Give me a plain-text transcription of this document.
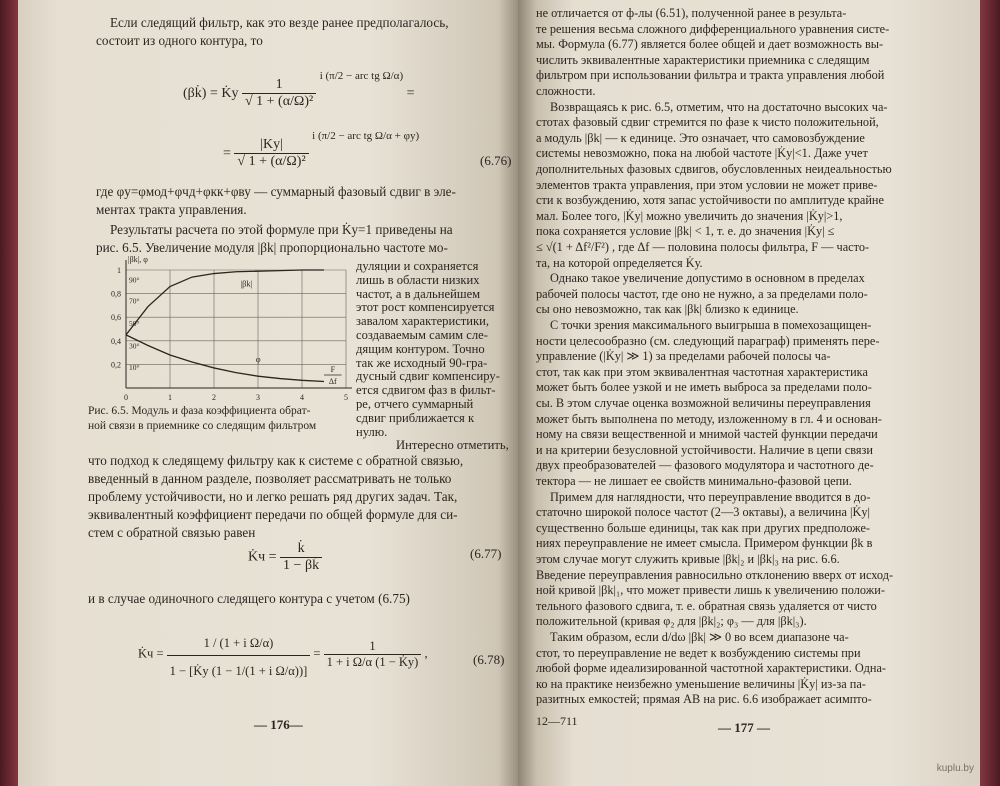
Если следящий фильтр, как это везде ранее предполагалось,
состоит из одного контура, то
(βk̇) = K̇у $\frac{1}{\text{√ 1 + (α/Ω)²}}$
$^{i (\pi/2 - arc tg \Omega/\alpha)}$ =
= $\frac{|Kу|}{\text{√ 1 + (α/Ω)²}}$
$^{i (\pi/2 - arc tg \Omega/\alpha + \varphi у)}$
(6.76)
где φу=φмод+φчд+φкк+φву — суммарный фазовый сдвиг в эле-
ментах тракта управления.
Результаты расчета по этой формуле при K̇у=1 приведены на
рис. 6.5. Увеличение модуля |βk| пропорционально частоте мо-
0,2
0,4
0,6
0,8
1
0	1	2	3	4	5
|βk|, φ
90°
70°
50°
30°
10°
|βk|
φ
F
Δf
Рис. 6.5. Модуль и фаза коэффициента обрат-
ной связи в приемнике со следящим фильтром
дуляции и сохраняется
лишь в области низких
частот, а в дальнейшем
этот рост компенсируется
завалом характеристики,
создаваемым самим сле-
дящим контуром. Точно
так же исходный 90-гра-
дусный сдвиг компенсиру-
ется сдвигом фаз в фильт-
ре, отчего суммарный
сдвиг приближается к
нулю.
Интересно отметить,
что подход к следящему фильтру как к системе с обратной связью,
введенный в данном разделе, позволяет рассматривать не только
проблему устойчивости, но и легко решать ряд других задач. Так,
эквивалентный коэффициент передачи по общей формуле для си-
стем с обратной связью равен
K̇ч = $\frac{k̇}{1 - \beta k̇}$	(6.77)
и в случае одиночного следящего контура с учетом (6.75)
K̇ч = $\frac{\text{1 / (1 + i Ω/α)}}{\text{1 − [K̇у (1 − 1/(1 + i Ω/α))]}} = \frac{1}{\text{1 + i Ω/α (1 − K̇у)}}$ ,	(6.78)
— 176—
не отличается от ф-лы (6.51), полученной ранее в результа-
те решения весьма сложного дифференциального уравнения систе-
мы. Формула (6.77) является более общей и дает возможность вы-
числить эквивалентные характеристики приемника с следящим
фильтром при использовании фильтра и тракта управления любой
сложности.
Возвращаясь к рис. 6.5, отметим, что на достаточно высоких ча-
стотах фазовый сдвиг стремится по фазе к чисто положительной,
а модуль |βk| — к единице. Это означает, что самовозбуждение
системы невозможно, пока на любой частоте |K̇у|<1. Даже учет
дополнительных фазовых сдвигов, обусловленных неидеальностью
элементов тракта управления, при этом условии не может приве-
сти к возбуждению, хотя запас устойчивости по амплитуде крайне
мал. Более того, |K̇у| можно увеличить до значения |K̇у|>1,
пока сохраняется условие |βk| < 1, т. е. до значения |K̇у| ≤
≤ √(1 + Δf²/F²) , где Δf — половина полосы фильтра, F — часто-
та, на которой определяется K̇у.
Однако такое увеличение допустимо в основном в пределах
рабочей полосы частот, где оно не нужно, а за пределами поло-
сы оно невозможно, так как |βk| близко к единице.
С точки зрения максимального выигрыша в помехозащищен-
ности целесообразно (см. следующий параграф) применять пере-
управление (|K̇у| ≫ 1) за пределами рабочей полосы ча-
стот, так как при этом эквивалентная частотная характеристика
может быть более узкой и не иметь выброса за пределами поло-
сы. В этом случае оценка возможной величины переуправления
может быть выполнена по методу, изложенному в гл. 4 и основан-
ному на связи вещественной и мнимой частей функции передачи
и на критерии безусловной устойчивости. Наличие в цепи связи
двух преобразователей — фазового модулятора и частотного де-
тектора — не лишает ее свойств минимально-фазовой цепи.
Примем для наглядности, что переуправление вводится в до-
статочно широкой полосе частот (2—3 октавы), а величина |K̇у|
существенно больше единицы, так как при других предположе-
ниях переуправление не имеет смысла. Примером функции βk в
этом случае могут служить кривые |βk|₂ и |βk|₃ на рис. 6.6.
Введение переуправления равносильно отклонению вверх от исход-
ной кривой |βk|₁, что может привести лишь к увеличению положи-
тельного фазового сдвига, т. е. обратная связь удаляется от чисто
положительной (кривая φ₂ для |βk|₂; φ₃ — для |βk|₃).
Таким образом, если d/dω |βk| ≫ 0 во всем диапазоне ча-
стот, то переуправление не ведет к возбуждению системы при
любой форме идеализированной частотной характеристики. Одна-
ко на практике неизбежно уменьшение величины |K̇у| из-за па-
разитных емкостей; прямая AB на рис. 6.6 изображает асимпто-
12—711	— 177 —
kuplu.by
